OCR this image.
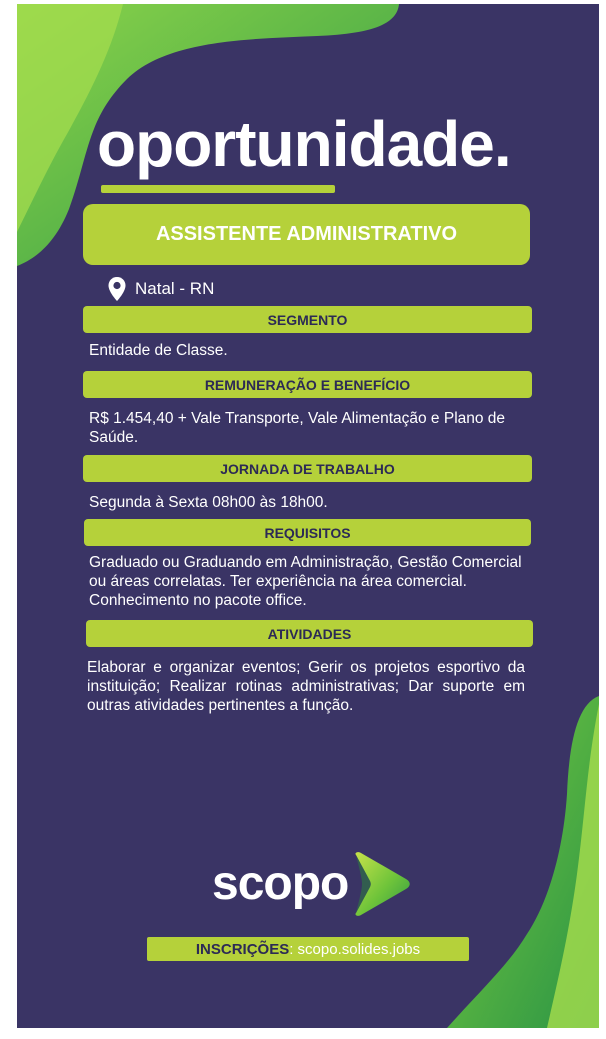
oportunidade.
ASSISTENTE ADMINISTRATIVO
Natal - RN
SEGMENTO
Entidade de Classe.
REMUNERAÇÃO E BENEFÍCIO
R$ 1.454,40 + Vale Transporte, Vale Alimentação e Plano de Saúde.
JORNADA DE TRABALHO
Segunda à Sexta 08h00 às 18h00.
REQUISITOS
Graduado ou Graduando em Administração, Gestão Comercial ou áreas correlatas. Ter experiência na área comercial. Conhecimento no pacote office.
ATIVIDADES
Elaborar e organizar eventos; Gerir os projetos esportivo da instituição; Realizar rotinas administrativas; Dar suporte em outras atividades pertinentes a função.
scopo
INSCRIÇÕES : scopo.solides.jobs
